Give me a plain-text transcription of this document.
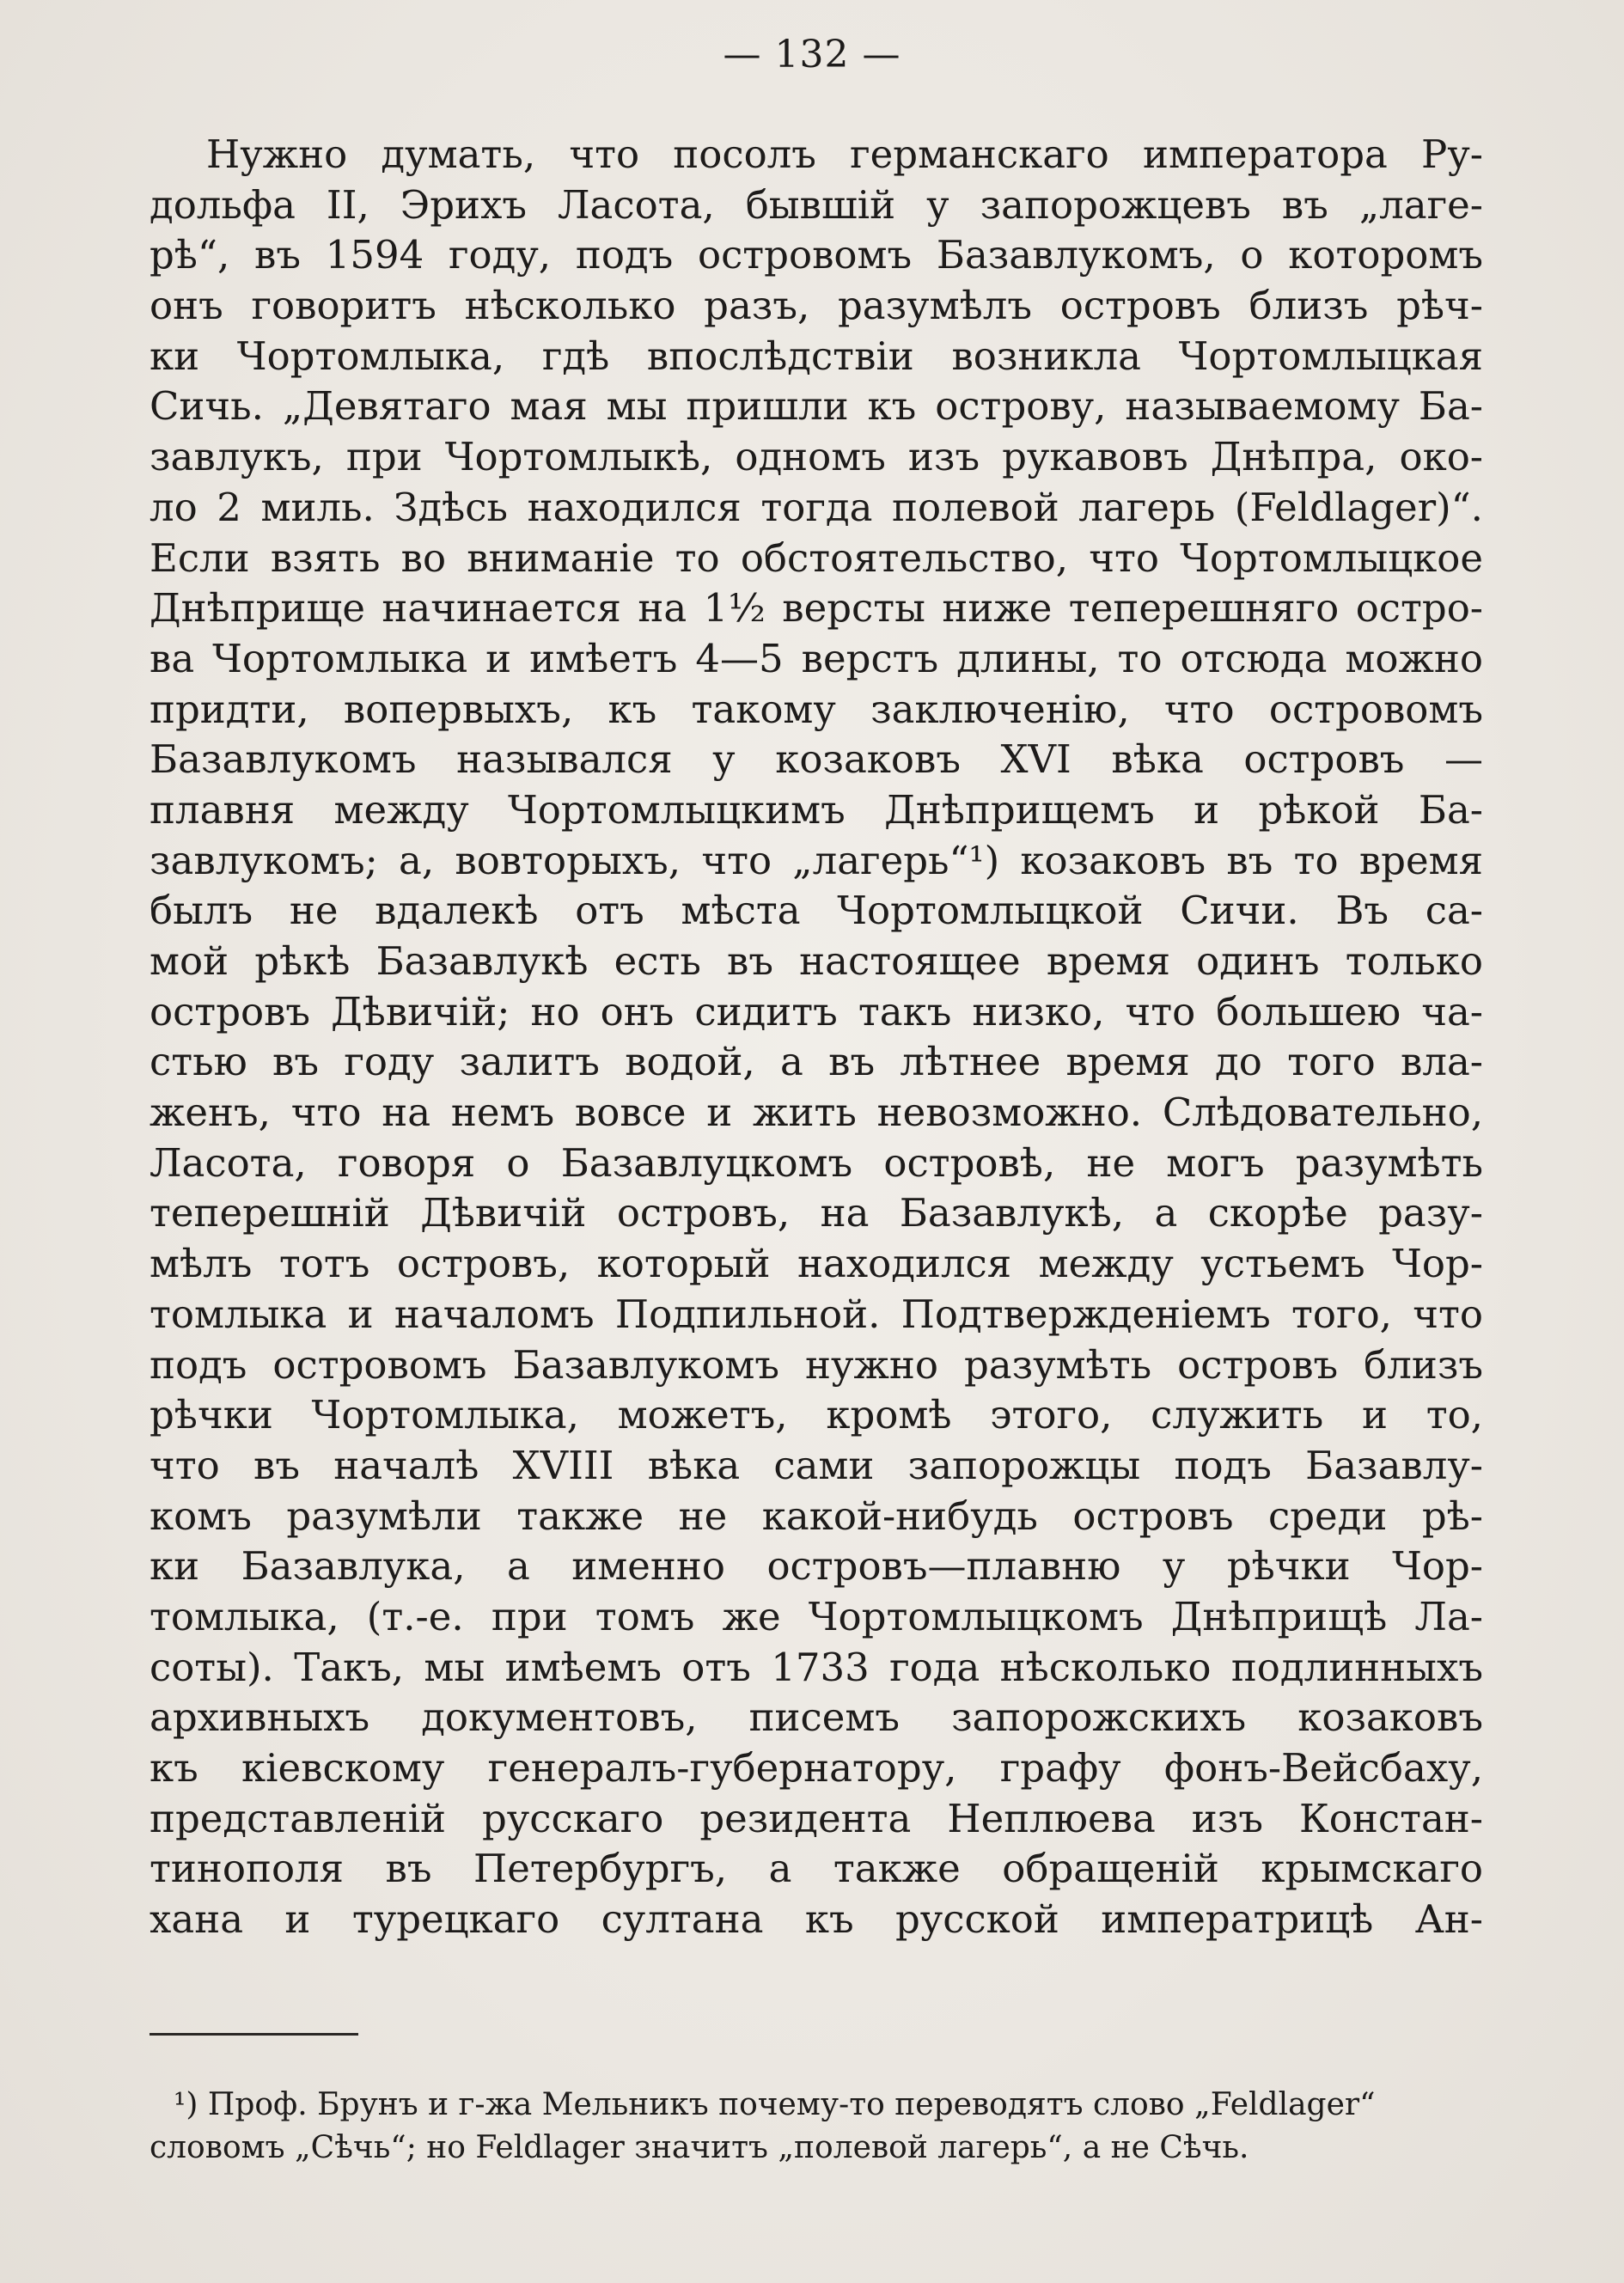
— 132 —
Нужно думать, что посолъ германскаго императора Ру-
дольфа II, Эрихъ Ласота, бывшій у запорожцевъ въ „лаге-
рѣ“, въ 1594 году, подъ островомъ Базавлукомъ, о которомъ
онъ говоритъ нѣсколько разъ, разумѣлъ островъ близъ рѣч-
ки Чортомлыка, гдѣ впослѣдствіи возникла Чортомлыцкая
Сичь. „Девятаго мая мы пришли къ острову, называемому Ба-
завлукъ, при Чортомлыкѣ, одномъ изъ рукавовъ Днѣпра, око-
ло 2 миль. Здѣсь находился тогда полевой лагерь (Feldlager)“.
Если взять во вниманіе то обстоятельство, что Чортомлыцкое
Днѣприще начинается на 1½ версты ниже теперешняго остро-
ва Чортомлыка и имѣетъ 4—5 верстъ длины, то отсюда можно
придти, вопервыхъ, къ такому заключенію, что островомъ
Базавлукомъ назывался у козаковъ XVI вѣка островъ —
плавня между Чортомлыцкимъ Днѣприщемъ и рѣкой Ба-
завлукомъ; а, вовторыхъ, что „лагерь“¹) козаковъ въ то время
былъ не вдалекѣ отъ мѣста Чортомлыцкой Сичи. Въ са-
мой рѣкѣ Базавлукѣ есть въ настоящее время одинъ только
островъ Дѣвичій; но онъ сидитъ такъ низко, что большею ча-
стью въ году залитъ водой, а въ лѣтнее время до того вла-
женъ, что на немъ вовсе и жить невозможно. Слѣдовательно,
Ласота, говоря о Базавлуцкомъ островѣ, не могъ разумѣть
теперешній Дѣвичій островъ, на Базавлукѣ, а скорѣе разу-
мѣлъ тотъ островъ, который находился между устьемъ Чор-
томлыка и началомъ Подпильной. Подтвержденіемъ того, что
подъ островомъ Базавлукомъ нужно разумѣть островъ близъ
рѣчки Чортомлыка, можетъ, кромѣ этого, служить и то,
что въ началѣ XVIII вѣка сами запорожцы подъ Базавлу-
комъ разумѣли также не какой-нибудь островъ среди рѣ-
ки Базавлука, а именно островъ—плавню у рѣчки Чор-
томлыка, (т.-е. при томъ же Чортомлыцкомъ Днѣприщѣ Ла-
соты). Такъ, мы имѣемъ отъ 1733 года нѣсколько подлинныхъ
архивныхъ документовъ, писемъ запорожскихъ козаковъ
къ кіевскому генералъ-губернатору, графу фонъ-Вейсбаху,
представленій русскаго резидента Неплюева изъ Констан-
тинополя въ Петербургъ, а также обращеній крымскаго
хана и турецкаго султана къ русской императрицѣ Ан-
¹) Проф. Брунъ и г-жа Мельникъ почему-то переводятъ слово „Feldlager“
словомъ „Сѣчь“; но Feldlager значитъ „полевой лагерь“, а не Сѣчь.
